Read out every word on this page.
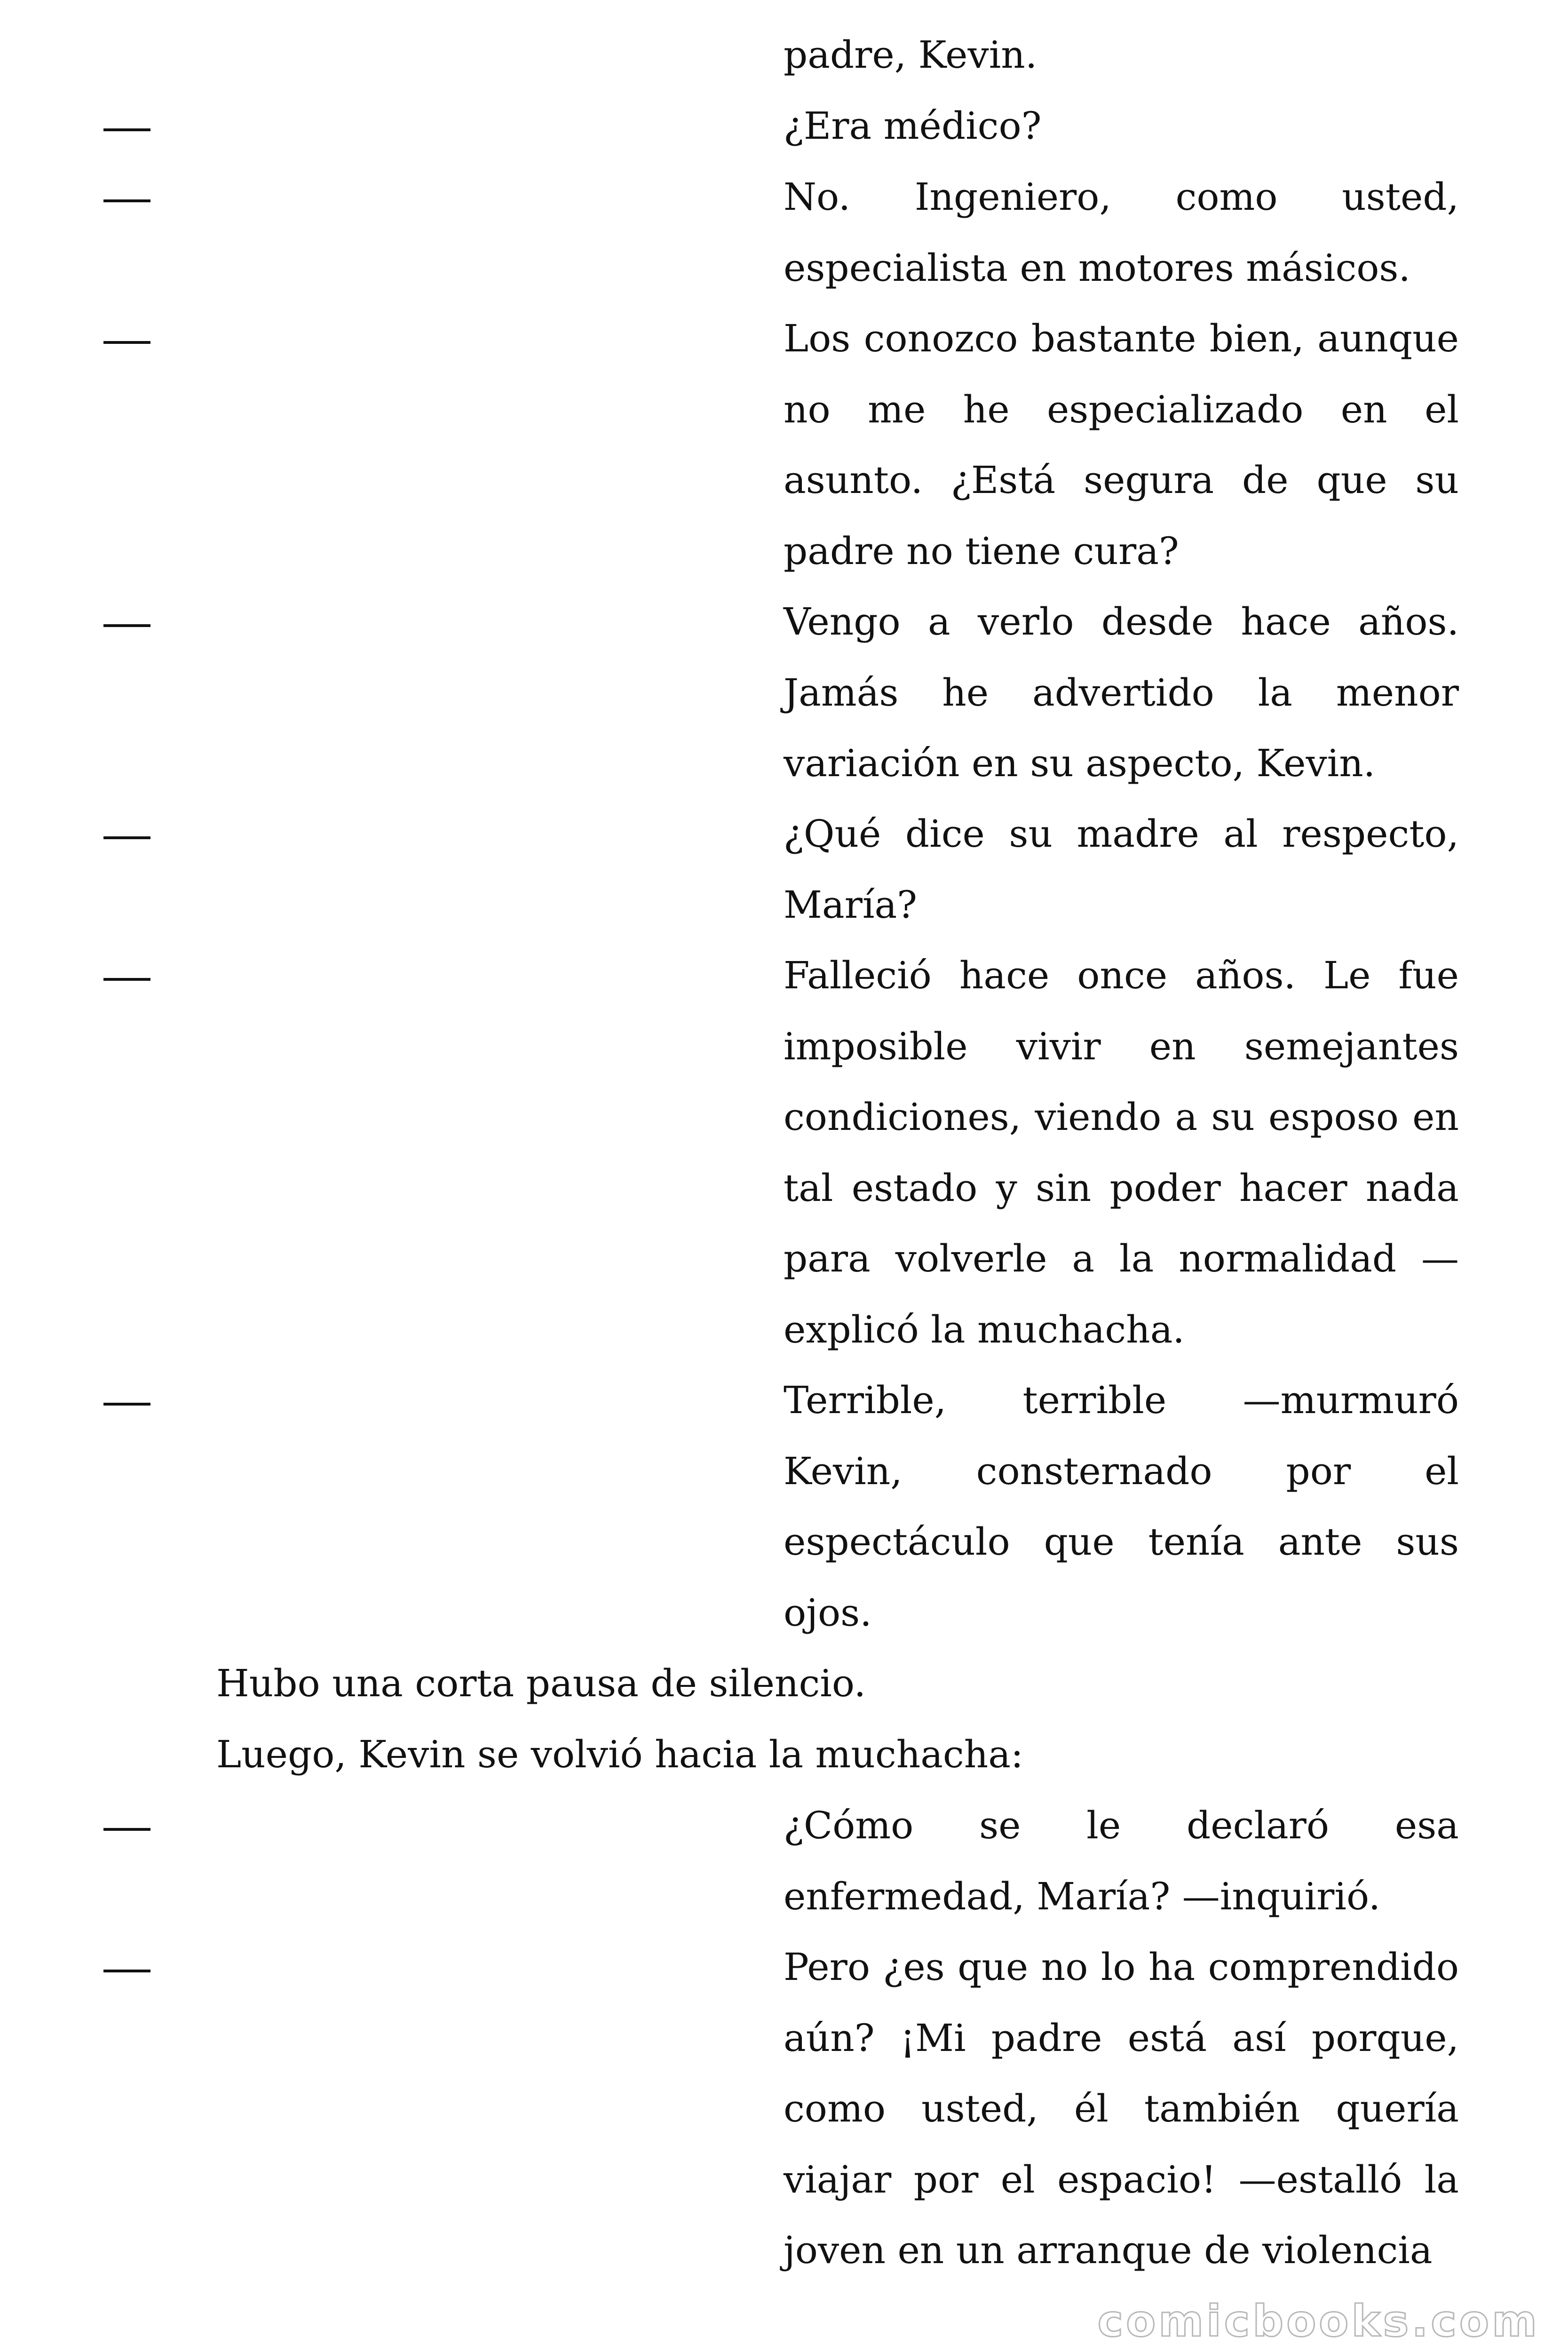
padre, Kevin.
¿Era médico?
No. Ingeniero, como usted, especialista en motores másicos.
Los conozco bastante bien, aunque no me he especializado en el asunto. ¿Está segura de que su padre no tiene cura?
Vengo a verlo desde hace años. Jamás he advertido la menor variación en su aspecto, Kevin.
¿Qué dice su madre al respecto, María?
Falleció hace once años. Le fue imposible vivir en semejantes condiciones, viendo a su esposo en tal estado y sin poder hacer nada para volverle a la normalidad —explicó la muchacha.
Terrible, terrible —murmuró Kevin, consternado por el espectáculo que tenía ante sus ojos.
Hubo una corta pausa de silencio.
Luego, Kevin se volvió hacia la muchacha:
¿Cómo se le declaró esa enfermedad, María? —inquirió.
Pero ¿es que no lo ha comprendido aún? ¡Mi padre está así porque, como usted, él también quería viajar por el espacio! —estalló la joven en un arranque de violencia
comicbooks.com
